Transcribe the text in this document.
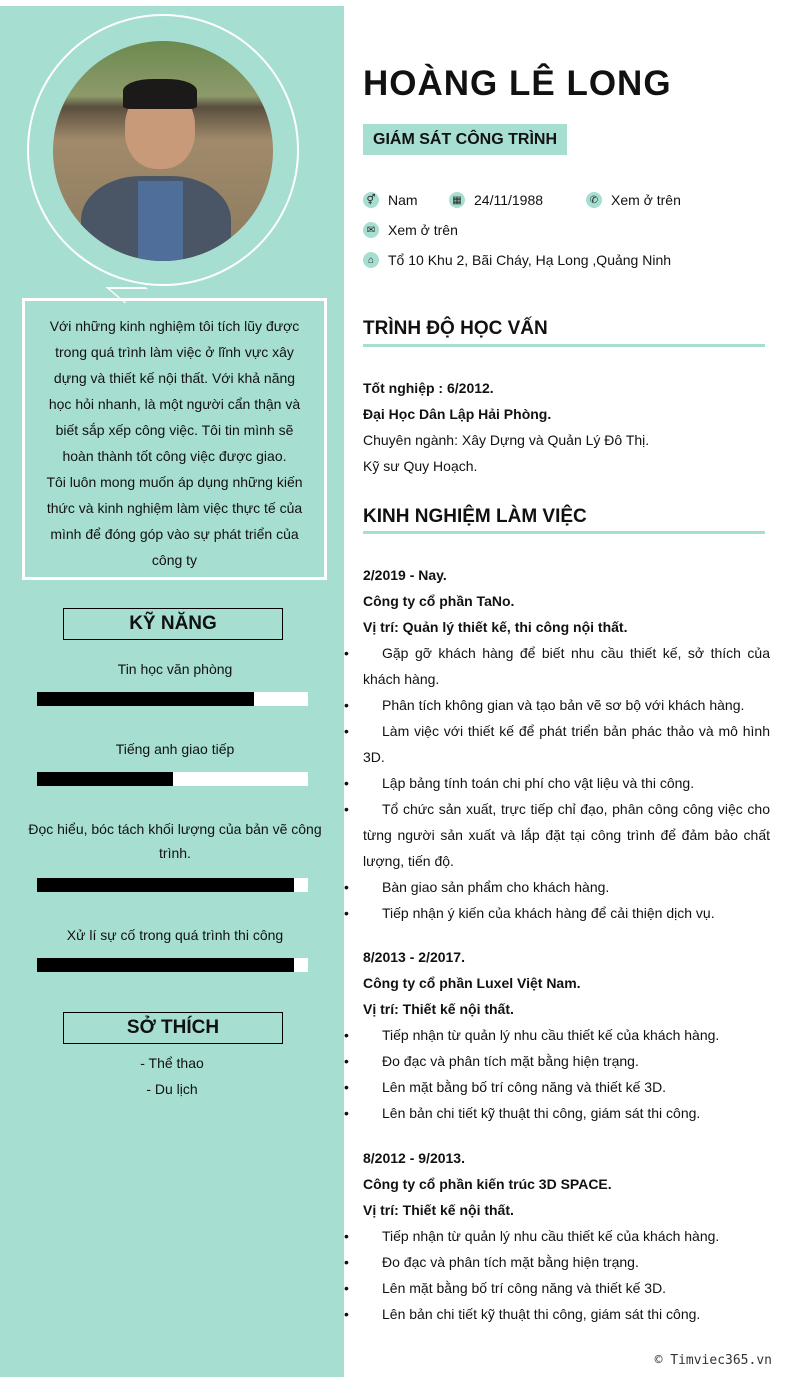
Với những kinh nghiệm tôi tích lũy được trong quá trình làm việc ở lĩnh vực xây dựng và thiết kế nội thất. Với khả năng học hỏi nhanh, là một người cẩn thận và biết sắp xếp công việc. Tôi tin mình sẽ hoàn thành tốt công việc được giao.

Tôi luôn mong muốn áp dụng những kiến thức và kinh nghiệm làm việc thực tế của mình để đóng góp vào sự phát triển của công ty

KỸ NĂNG
Tin học văn phòng
Tiếng anh giao tiếp
Đọc hiểu, bóc tách khối lượng của bản vẽ công trình.
Xử lí sự cố trong quá trình thi công
SỞ THÍCH
- Thể thao
- Du lịch
HOÀNG LÊ LONG
GIÁM SÁT CÔNG TRÌNH
⚥ Nam	▦ 24/11/1988	✆ Xem ở trên
✉ Xem ở trên
⌂ Tổ 10 Khu 2, Bãi Cháy, Hạ Long ,Quảng Ninh
TRÌNH ĐỘ HỌC VẤN
Tốt nghiệp : 6/2012.
Đại Học Dân Lập Hải Phòng.
Chuyên ngành: Xây Dựng và Quản Lý Đô Thị.
Kỹ sư Quy Hoạch.
KINH NGHIỆM LÀM VIỆC
2/2019 - Nay.
Công ty cổ phần TaNo.
Vị trí: Quản lý thiết kế, thi công nội thất.
• Gặp gỡ khách hàng để biết nhu cầu thiết kế, sở thích của khách hàng.
• Phân tích không gian và tạo bản vẽ sơ bộ với khách hàng.
• Làm việc với thiết kế để phát triển bản phác thảo và mô hình 3D.
• Lập bảng tính toán chi phí cho vật liệu và thi công.
• Tổ chức sản xuất, trực tiếp chỉ đạo, phân công công việc cho từng người sản xuất và lắp đặt tại công trình để đảm bảo chất lượng, tiến độ.
• Bàn giao sản phẩm cho khách hàng.
• Tiếp nhận ý kiến của khách hàng để cải thiện dịch vụ.
8/2013 - 2/2017.
Công ty cổ phần Luxel Việt Nam.
Vị trí: Thiết kế nội thất.
• Tiếp nhận từ quản lý nhu cầu thiết kế của khách hàng.
• Đo đạc và phân tích mặt bằng hiện trạng.
• Lên mặt bằng bố trí công năng và thiết kế 3D.
• Lên bản chi tiết kỹ thuật thi công, giám sát thi công.
8/2012 - 9/2013.
Công ty cổ phần kiến trúc 3D SPACE.
Vị trí: Thiết kế nội thất.
• Tiếp nhận từ quản lý nhu cầu thiết kế của khách hàng.
• Đo đạc và phân tích mặt bằng hiện trạng.
• Lên mặt bằng bố trí công năng và thiết kế 3D.
• Lên bản chi tiết kỹ thuật thi công, giám sát thi công.
© Timviec365.vn
